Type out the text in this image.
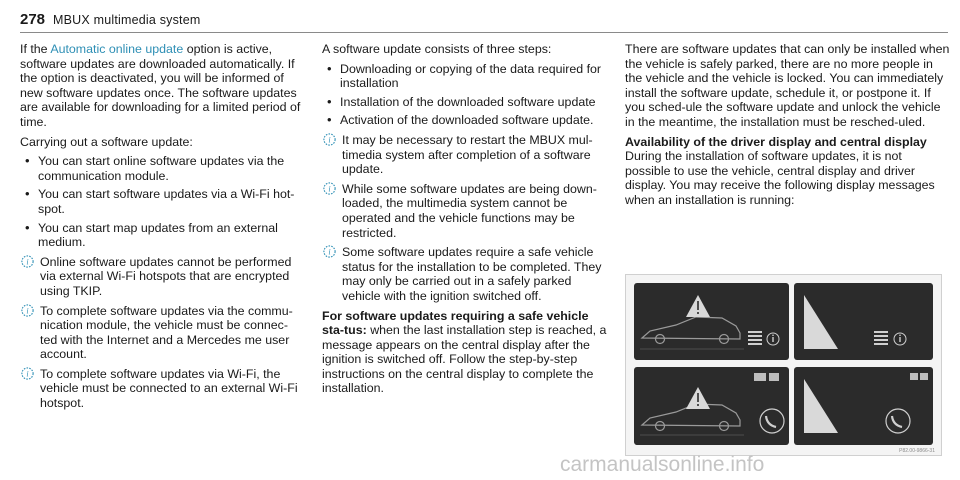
278 MBUX multimedia system

If the Automatic online update option is active, software updates are downloaded automatically. If the option is deactivated, you will be informed of new software updates once. The software updates are available for downloading for a limited period of time.

Carrying out a software update:

• You can start online software updates via the communication module.
• You can start software updates via a Wi-Fi hot-spot.
• You can start map updates from an external medium.
i Online software updates cannot be performed via external Wi-Fi hotspots that are encrypted using TKIP.
i To complete software updates via the commu-nication module, the vehicle must be connec-ted with the Internet and a Mercedes me user account.
i To complete software updates via Wi-Fi, the vehicle must be connected to an external Wi-Fi hotspot.

A software update consists of three steps:

• Downloading or copying of the data required for installation
• Installation of the downloaded software update
• Activation of the downloaded software update.
i It may be necessary to restart the MBUX mul-timedia system after completion of a software update.
i While some software updates are being down-loaded, the multimedia system cannot be operated and the vehicle functions may be restricted.
i Some software updates require a safe vehicle status for the installation to be completed. They may only be carried out in a safely parked vehicle with the ignition switched off.

For software updates requiring a safe vehicle sta-tus: when the last installation step is reached, a message appears on the central display after the ignition is switched off. Follow the step-by-step instructions on the central display to complete the installation.

There are software updates that can only be installed when the vehicle is safely parked, there are no more people in the vehicle and the vehicle is locked. You can immediately install the software update, schedule it, or postpone it. If you sched-ule the software update and unlock the vehicle in the meantime, the installation must be resched-uled.

Availability of the driver display and central display

During the installation of software updates, it is not possible to use the vehicle, central display and driver display. You may receive the following display messages when an installation is running:

P82.00-9866-31
carmanualsonline.info
